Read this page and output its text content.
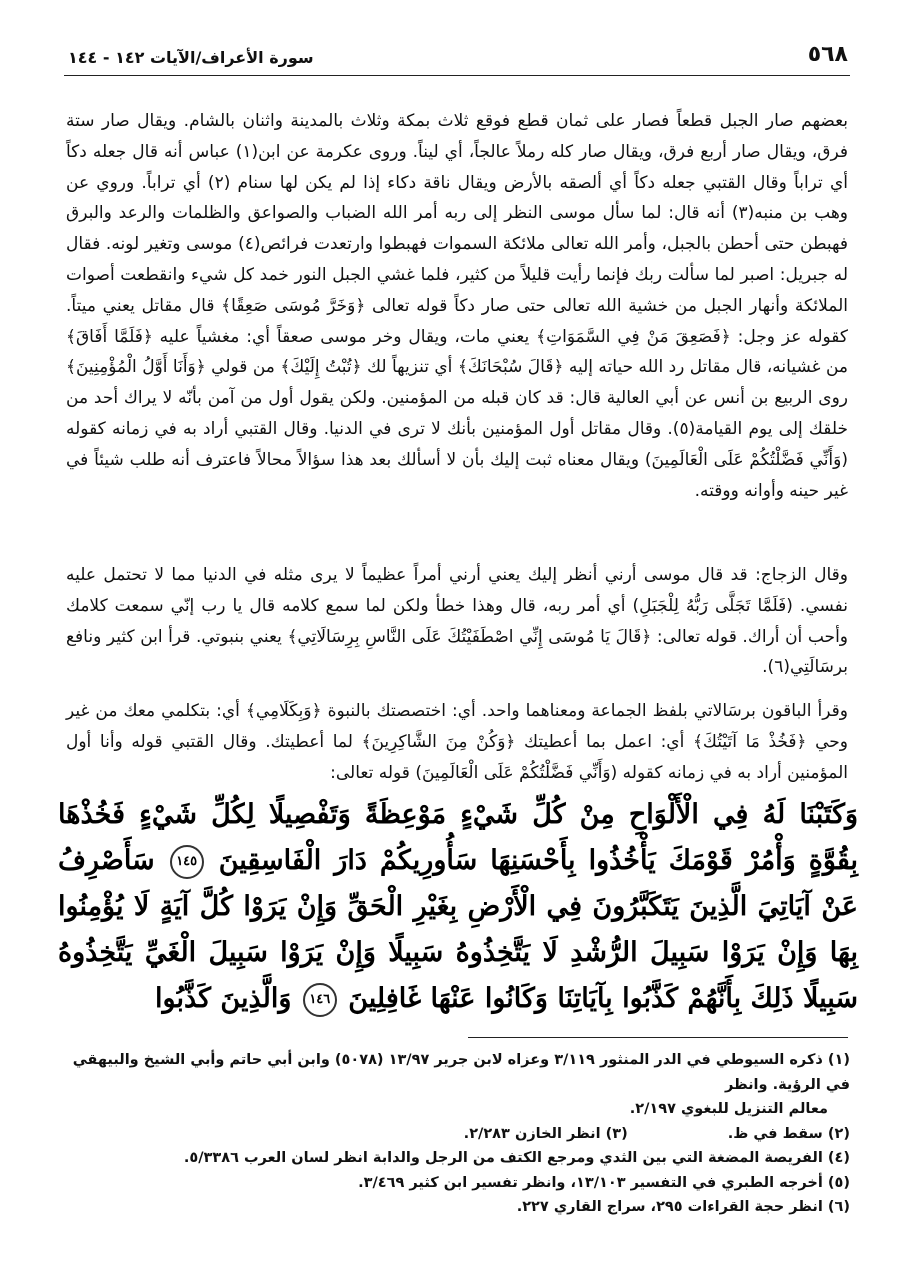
٥٦٨
سورة الأعراف/الآيات ١٤٢ - ١٤٤

بعضهم صار الجبل قطعاً فصار على ثمان قطع فوقع ثلاث بمكة وثلاث بالمدينة واثنان بالشام. ويقال صار ستة فرق، ويقال صار أربع فرق، ويقال صار كله رملاً عالجاً، أي ليناً. وروى عكرمة عن ابن(١) عباس أنه قال جعله دكاً أي تراباً وقال القتبي جعله دكاً أي ألصقه بالأرض ويقال ناقة دكاء إذا لم يكن لها سنام (٢) أي تراباً. وروي عن وهب بن منبه(٣) أنه قال: لما سأل موسى النظر إلى ربه أمر الله الضباب والصواعق والظلمات والرعد والبرق فهبطن حتى أحطن بالجبل، وأمر الله تعالى ملائكة السموات فهبطوا وارتعدت فرائص(٤) موسى وتغير لونه. فقال له جبريل: اصبر لما سألت ربك فإنما رأيت قليلاً من كثير، فلما غشي الجبل النور خمد كل شيء وانقطعت أصوات الملائكة وأنهار الجبل من خشية الله تعالى حتى صار دكاً قوله تعالى ﴿وَخَرَّ مُوسَى صَعِقًا﴾ قال مقاتل يعني ميتاً. كقوله عز وجل: ﴿فَصَعِقَ مَنْ فِي السَّمَوَاتِ﴾ يعني مات، ويقال وخر موسى صعقاً أي: مغشياً عليه ﴿فَلَمَّا أَفَاقَ﴾ من غشيانه، قال مقاتل رد الله حياته إليه ﴿قَالَ سُبْحَانَكَ﴾ أي تنزيهاً لك ﴿تُبْتُ إِلَيْكَ﴾ من قولي ﴿وَأَنَا أَوَّلُ الْمُؤْمِنِينَ﴾ روى الربيع بن أنس عن أبي العالية قال: قد كان قبله من المؤمنين. ولكن يقول أول من آمن بأنّه لا يراك أحد من خلقك إلى يوم القيامة(٥). وقال مقاتل أول المؤمنين بأنك لا ترى في الدنيا. وقال القتبي أراد به في زمانه كقوله (وَأَنِّي فَضَّلْتُكُمْ عَلَى الْعَالَمِينَ) ويقال معناه ثبت إليك بأن لا أسألك بعد هذا سؤالاً محالاً فاعترف أنه طلب شيئاً في غير حينه وأوانه ووقته.

وقال الزجاج: قد قال موسى أرني أنظر إليك يعني أرني أمراً عظيماً لا يرى مثله في الدنيا مما لا تحتمل عليه نفسي. (فَلَمَّا تَجَلَّى رَبُّهُ لِلْجَبَلِ) أي أمر ربه، قال وهذا خطأ ولكن لما سمع كلامه قال يا رب إنّي سمعت كلامك وأحب أن أراك. قوله تعالى: ﴿قَالَ يَا مُوسَى إِنِّي اصْطَفَيْتُكَ عَلَى النَّاسِ بِرِسَالَاتِي﴾ يعني بنبوتي. قرأ ابن كثير ونافع برسَالَتِي(٦).

وقرأ الباقون برسَالاتي بلفظ الجماعة ومعناهما واحد. أي: اختصصتك بالنبوة ﴿وَبِكَلَامِي﴾ أي: بتكلمي معك من غير وحي ﴿فَخُذْ مَا آتَيْتُكَ﴾ أي: اعمل بما أعطيتك ﴿وَكُنْ مِنَ الشَّاكِرِينَ﴾ لما أعطيتك. وقال القتبي قوله وأنا أول المؤمنين أراد به في زمانه كقوله (وَأَنِّي فَضَّلْتُكُمْ عَلَى الْعَالَمِينَ) قوله تعالى:

وَكَتَبْنَا لَهُ فِي الْأَلْوَاحِ مِنْ كُلِّ شَيْءٍ مَوْعِظَةً وَتَفْصِيلًا لِكُلِّ شَيْءٍ فَخُذْهَا بِقُوَّةٍ وَأْمُرْ قَوْمَكَ يَأْخُذُوا بِأَحْسَنِهَا سَأُورِيكُمْ دَارَ الْفَاسِقِينَ ١٤٥ سَأَصْرِفُ عَنْ آيَاتِيَ الَّذِينَ يَتَكَبَّرُونَ فِي الْأَرْضِ بِغَيْرِ الْحَقِّ وَإِنْ يَرَوْا كُلَّ آيَةٍ لَا يُؤْمِنُوا بِهَا وَإِنْ يَرَوْا سَبِيلَ الرُّشْدِ لَا يَتَّخِذُوهُ سَبِيلًا وَإِنْ يَرَوْا سَبِيلَ الْغَيِّ يَتَّخِذُوهُ سَبِيلًا ذَلِكَ بِأَنَّهُمْ كَذَّبُوا بِآيَاتِنَا وَكَانُوا عَنْهَا غَافِلِينَ ١٤٦ وَالَّذِينَ كَذَّبُوا
(١) ذكره السيوطي في الدر المنثور ٣/١١٩ وعزاه لابن جرير ١٣/٩٧ (٥٠٧٨) وابن أبي حاتم وأبي الشيخ والبيهقي في الرؤية. وانظر
معالم التنزيل للبغوي ٢/١٩٧.
(٢) سقط في ظ.
(٣) انظر الخازن ٢/٢٨٣.
(٤) الفريصة المضغة التي بين الثدي ومرجع الكتف من الرجل والدابة انظر لسان العرب ٥/٣٣٨٦.
(٥) أخرجه الطبري في التفسير ١٣/١٠٣، وانظر تفسير ابن كثير ٣/٤٦٩.
(٦) انظر حجة القراءات ٢٩٥، سراج القاري ٢٢٧.
